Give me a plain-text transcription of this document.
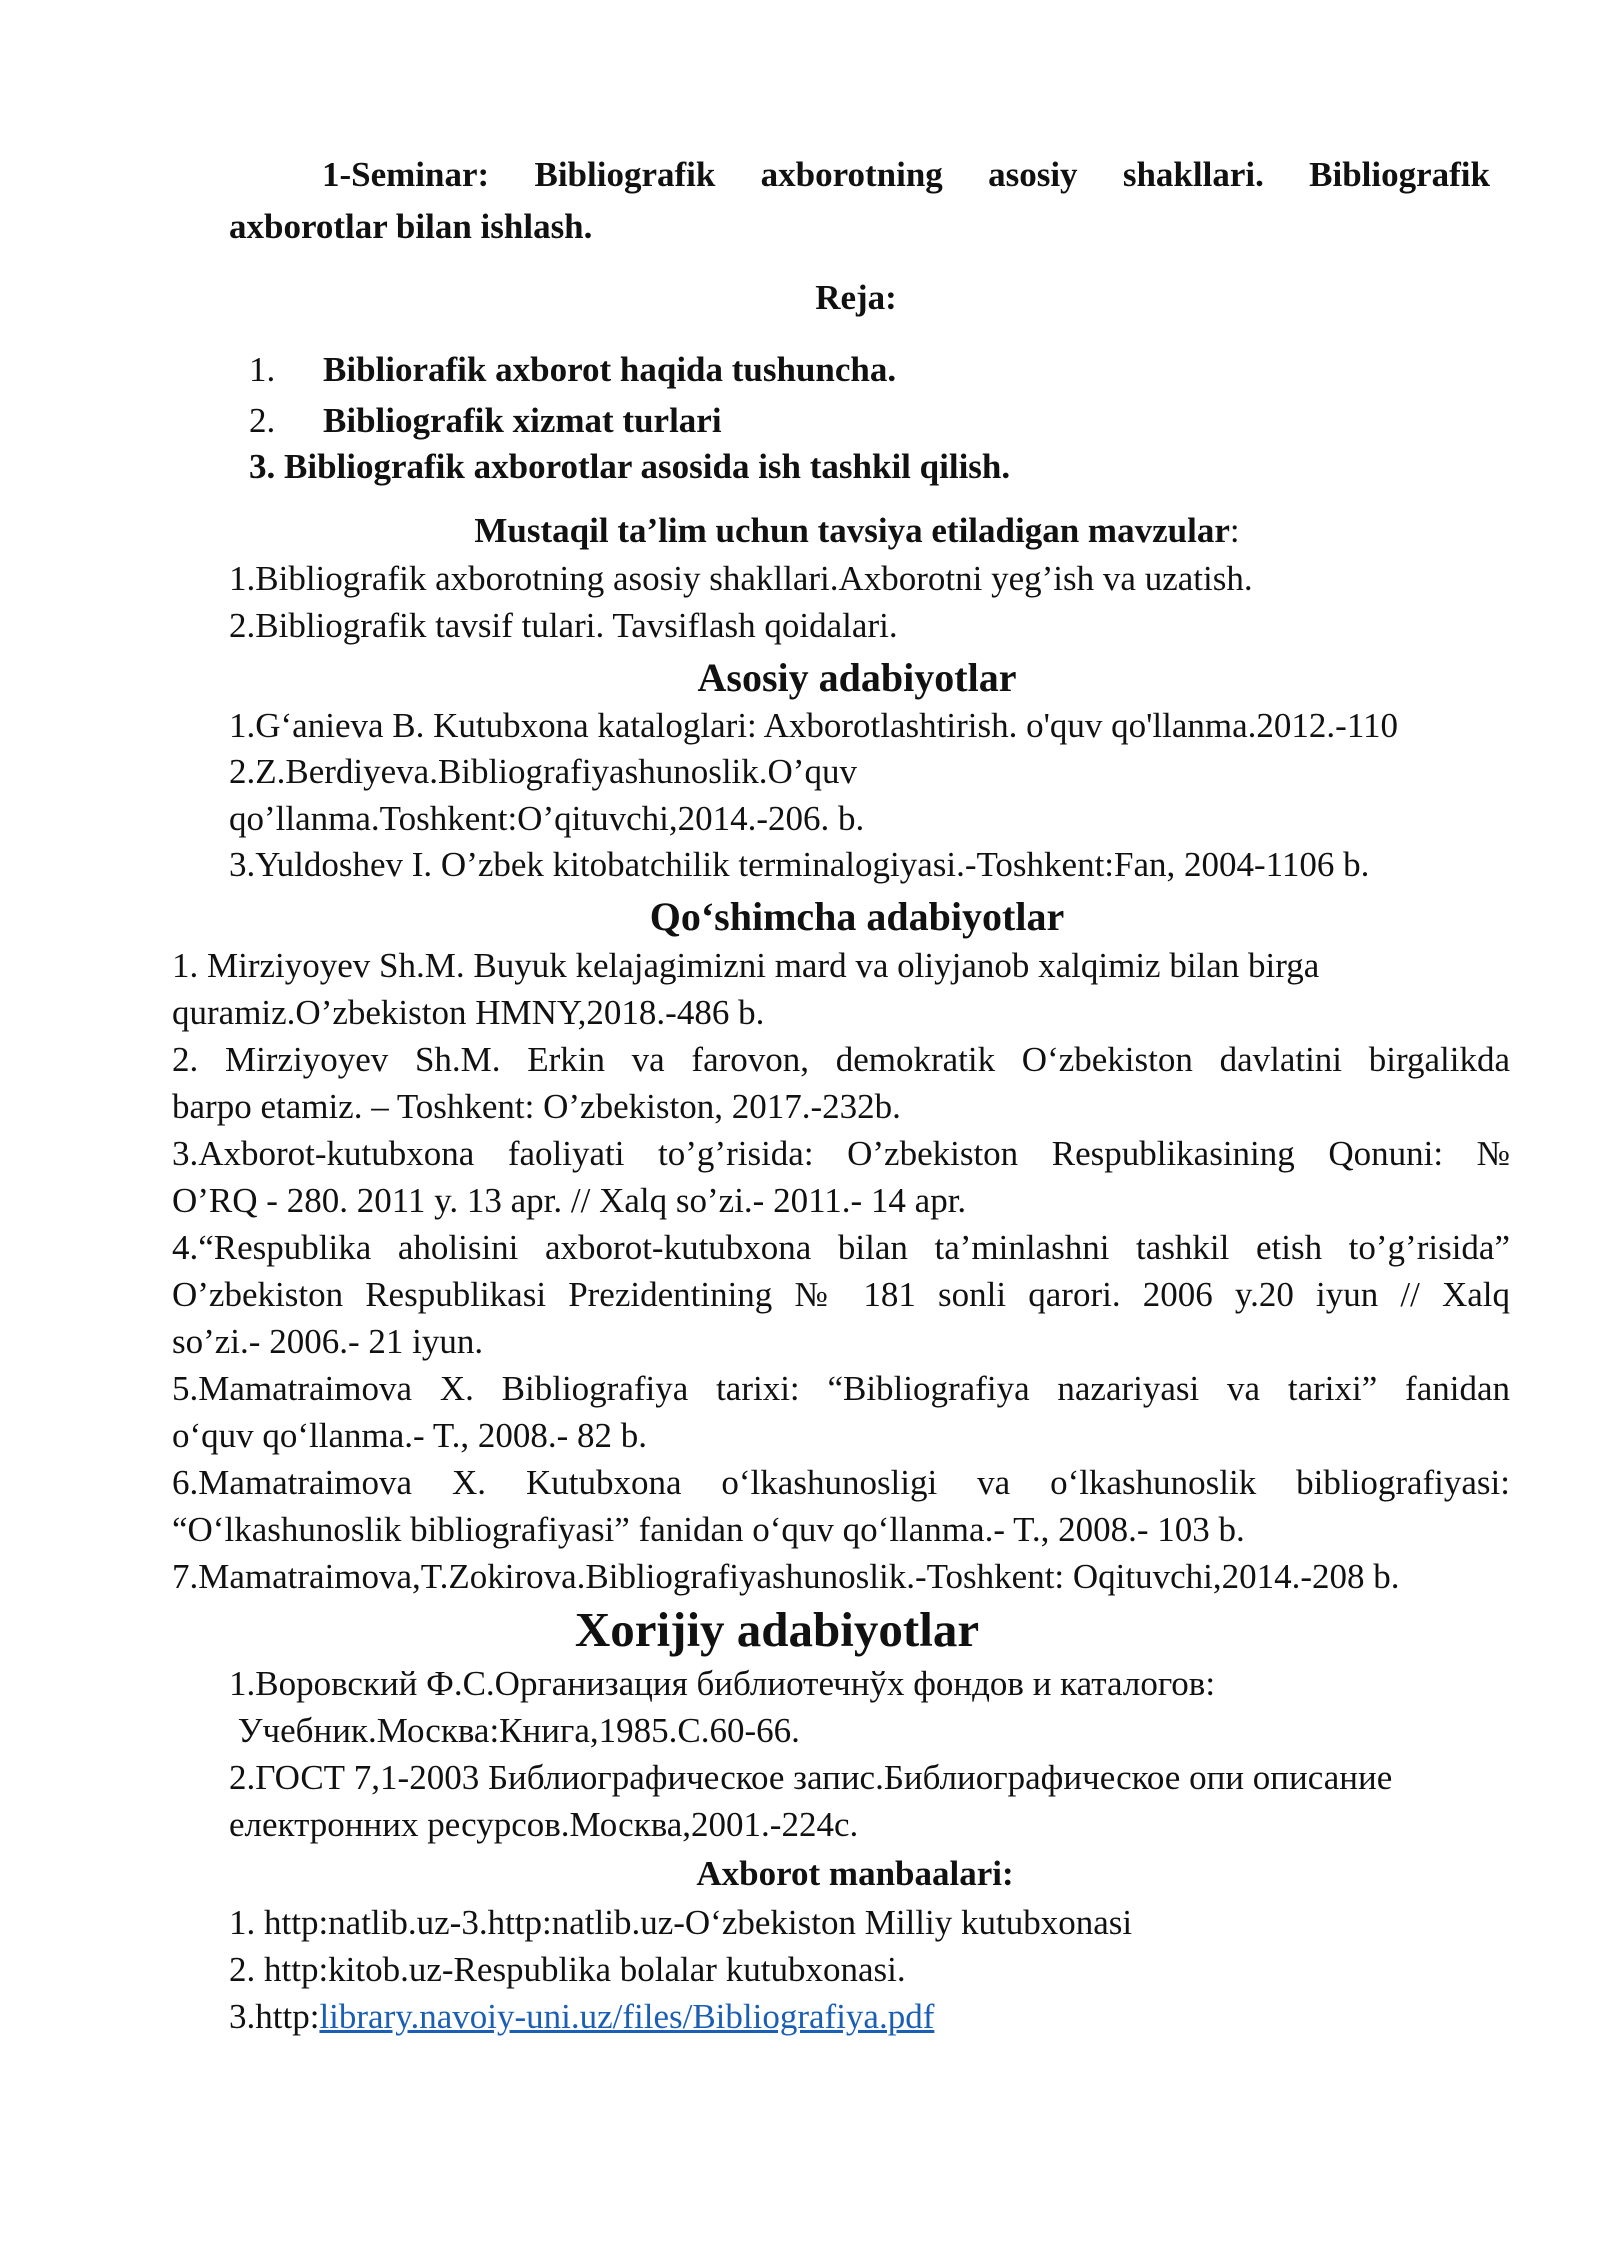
1-Seminar: Bibliografik axborotning asosiy shakllari. Bibliografik
axborotlar bilan ishlash.
Reja:
1. Bibliorafik axborot haqida tushuncha.
2. Bibliografik xizmat turlari
3. Bibliografik axborotlar asosida ish tashkil qilish.
Mustaqil ta’lim uchun tavsiya etiladigan mavzular:
1.Bibliografik axborotning asosiy shakllari.Axborotni yeg’ish va uzatish.
2.Bibliografik tavsif tulari. Tavsiflash qoidalari.
Asosiy adabiyotlar
1.G‘anieva B. Kutubxona kataloglari: Axborotlashtirish. o'quv qo'llanma.2012.-110
2.Z.Berdiyeva.Bibliografiyashunoslik.O’quv
qo’llanma.Toshkent:O’qituvchi,2014.-206. b.
3.Yuldoshev I. O’zbek kitobatchilik terminalogiyasi.-Toshkent:Fan, 2004-1106 b.
Qo‘shimcha adabiyotlar
1. Mirziyoyev Sh.M. Buyuk kelajagimizni mard va oliyjanob xalqimiz bilan birga
quramiz.O’zbekiston HMNY,2018.-486 b.
2. Mirziyoyev Sh.M. Erkin va farovon, demokratik O‘zbekiston davlatini birgalikda
barpo etamiz. – Toshkent: O’zbekiston, 2017.-232b.
3.Axborot-kutubxona faoliyati to’g’risida: O’zbekiston Respublikasining Qonuni: №
O’RQ - 280. 2011 y. 13 apr. // Xalq so’zi.- 2011.- 14 apr.
4.“Respublika aholisini axborot-kutubxona bilan ta’minlashni tashkil etish to’g’risida”
O’zbekiston Respublikasi Prezidentining № 181 sonli qarori. 2006 y.20 iyun // Xalq
so’zi.- 2006.- 21 iyun.
5.Mamatraimova X. Bibliografiya tarixi: “Bibliografiya nazariyasi va tarixi” fanidan
o‘quv qo‘llanma.- T., 2008.- 82 b.
6.Mamatraimova X. Kutubxona o‘lkashunosligi va o‘lkashunoslik bibliografiyasi:
“O‘lkashunoslik bibliografiyasi” fanidan o‘quv qo‘llanma.- T., 2008.- 103 b.
7.Mamatraimova,T.Zokirova.Bibliografiyashunoslik.-Toshkent: Oqituvchi,2014.-208 b.
Xorijiy adabiyotlar
1.Воровский Ф.С.Организация библиотечнўх фондов и каталогов:
Учебник.Москва:Книга,1985.С.60-66.
2.ГОСТ 7,1-2003 Библиографическое запис.Библиографическое опи описание
електронних ресурсов.Москва,2001.-224с.
Axborot manbaalari:
1. http:natlib.uz-3.http:natlib.uz-O‘zbekiston Milliy kutubxonasi
2. http:kitob.uz-Respublika bolalar kutubxonasi.
3.http:library.navoiy-uni.uz/files/Bibliografiya.pdf
